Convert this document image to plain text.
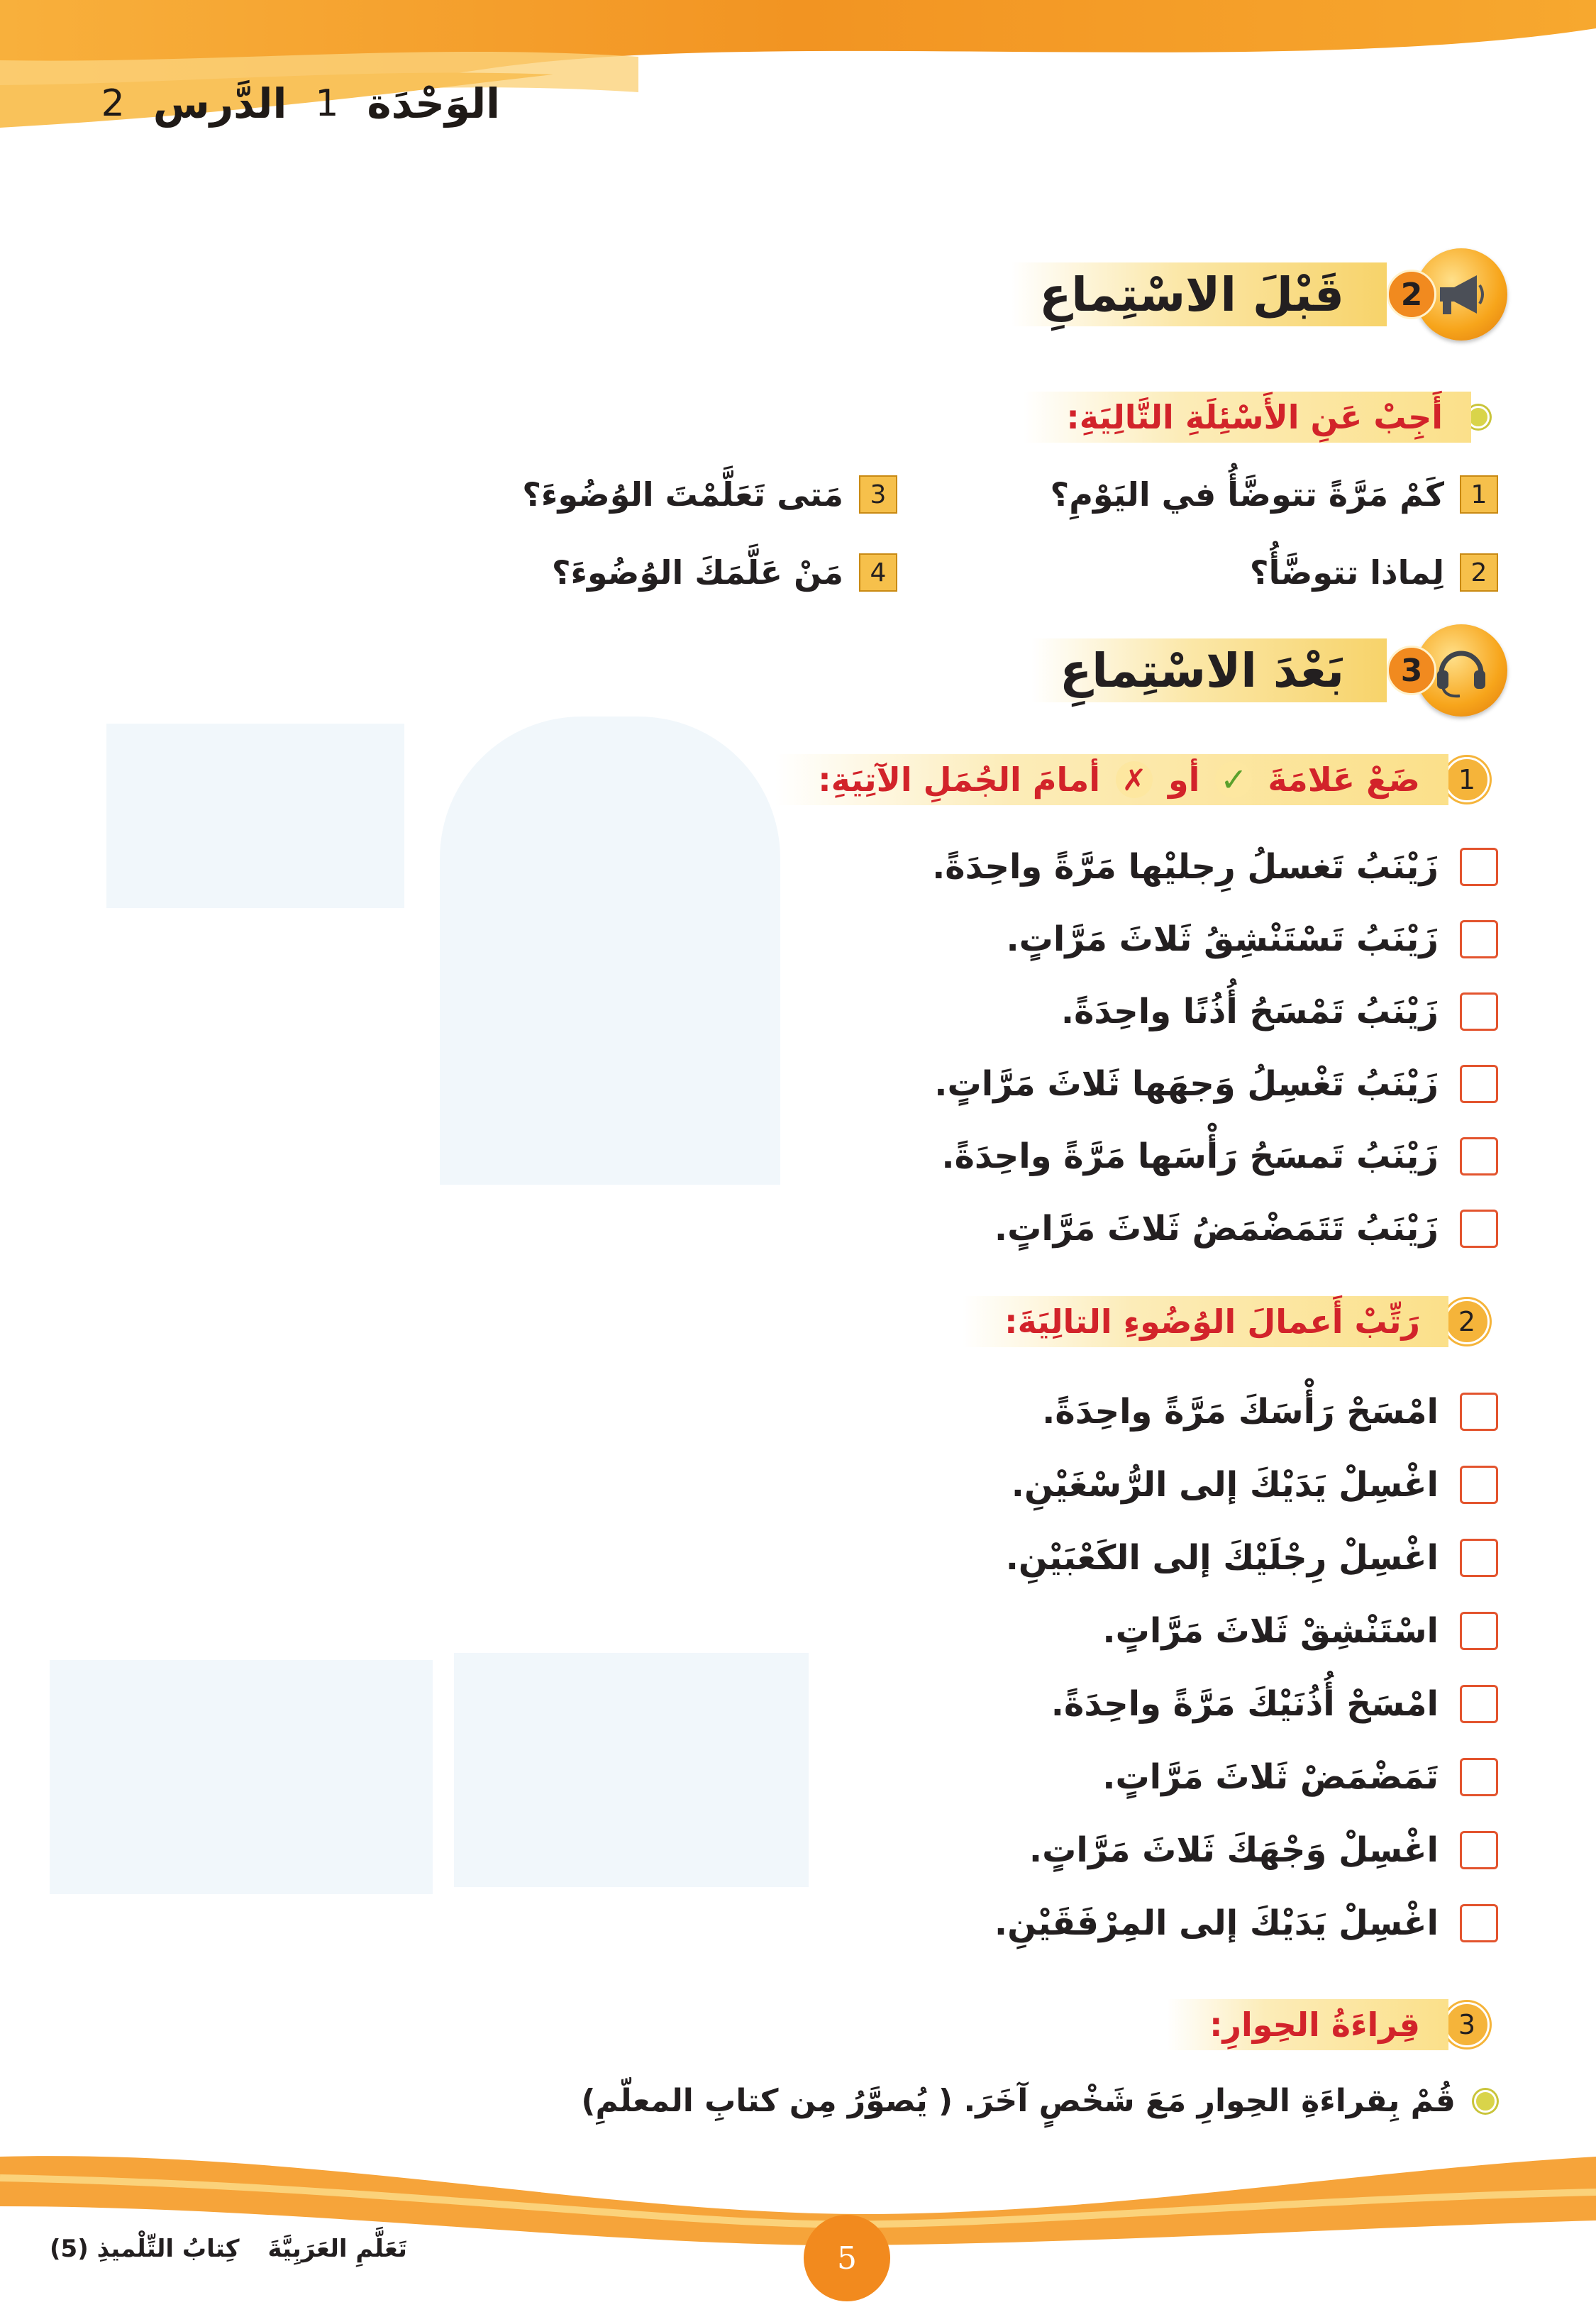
الوَحْدَة
1
الدَّرس
2
2
قَبْلَ الاسْتِماعِ
أَجِبْ عَنِ الأَسْئِلَةِ التَّالِيَةِ:
1
كَمْ مَرَّةً تتوضَّأُ في اليَوْمِ؟
2
لِماذا تتوضَّأُ؟
3
مَتى تَعَلَّمْتَ الوُضُوءَ؟
4
مَنْ عَلَّمَكَ الوُضُوءَ؟
3
بَعْدَ الاسْتِماعِ
1
ضَعْ عَلامَةَ
✓
أو
✗
أمامَ الجُمَلِ الآتِيَةِ:
زَيْنَبُ تَغسلُ رِجليْها مَرَّةً واحِدَةً.
زَيْنَبُ تَسْتَنْشِقُ ثَلاثَ مَرَّاتٍ.
زَيْنَبُ تَمْسَحُ أُذُنًا واحِدَةً.
زَيْنَبُ تَغْسِلُ وَجهَها ثَلاثَ مَرَّاتٍ.
زَيْنَبُ تَمسَحُ رَأْسَها مَرَّةً واحِدَةً.
زَيْنَبُ تَتَمَضْمَضُ ثَلاثَ مَرَّاتٍ.
2
رَتِّبْ أَعمالَ الوُضُوءِ التالِيَةَ:
امْسَحْ رَأْسَكَ مَرَّةً واحِدَةً.
اغْسِلْ يَدَيْكَ إلى الرُّسْغَيْنِ.
اغْسِلْ رِجْلَيْكَ إلى الكَعْبَيْنِ.
اسْتَنْشِقْ ثَلاثَ مَرَّاتٍ.
امْسَحْ أُذُنَيْكَ مَرَّةً واحِدَةً.
تَمَضْمَضْ ثَلاثَ مَرَّاتٍ.
اغْسِلْ وَجْهَكَ ثَلاثَ مَرَّاتٍ.
اغْسِلْ يَدَيْكَ إلى المِرْفَقَيْنِ.
3
قِراءَةُ الحِوارِ:
قُمْ بِقراءَةِ الحِوارِ مَعَ شَخْصٍ آخَرَ. ( يُصوَّرُ مِن كتابِ المعلّمِ)
5
تَعَلَّمِ العَرَبِيَّةَ
كِتابُ التِّلْميذِ (5)
